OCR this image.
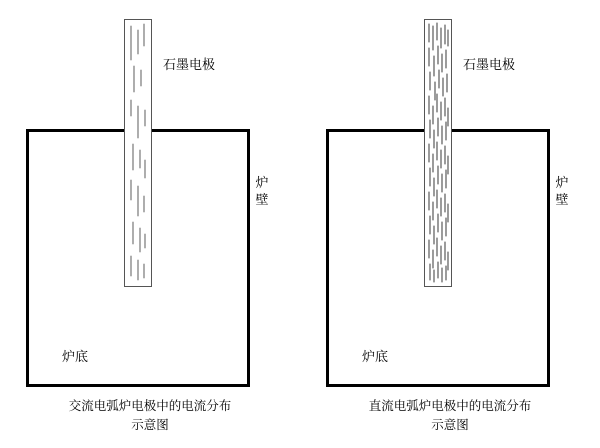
石墨电极
炉壁
炉底
交流电弧炉电极中的电流分布
示意图
石墨电极
炉壁
炉底
直流电弧炉电极中的电流分布
示意图
